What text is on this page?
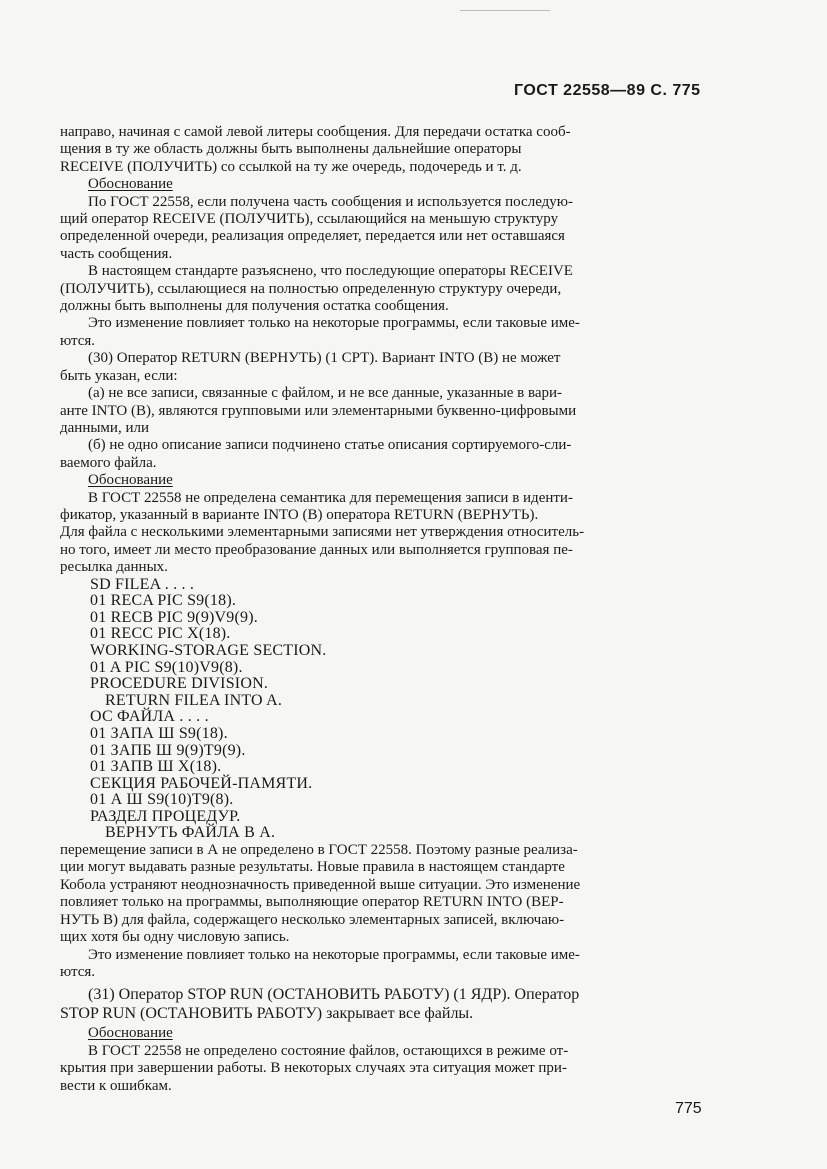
ГОСТ 22558—89 С. 775
направо, начиная с самой левой литеры сообщения. Для передачи остатка сооб-
щения в ту же область должны быть выполнены дальнейшие операторы
RECEIVE (ПОЛУЧИТЬ) со ссылкой на ту же очередь, подочередь и т. д.
Обоснование
По ГОСТ 22558, если получена часть сообщения и используется последую-
щий оператор RECEIVE (ПОЛУЧИТЬ), ссылающийся на меньшую структуру
определенной очереди, реализация определяет, передается или нет оставшаяся
часть сообщения.
В настоящем стандарте разъяснено, что последующие операторы RECEIVE
(ПОЛУЧИТЬ), ссылающиеся на полностью определенную структуру очереди,
должны быть выполнены для получения остатка сообщения.
Это изменение повлияет только на некоторые программы, если таковые име-
ются.
(30) Оператор RETURN (ВЕРНУТЬ) (1 СРТ). Вариант INTO (В) не может
быть указан, если:
(а) не все записи, связанные с файлом, и не все данные, указанные в вари-
анте INTO (В), являются групповыми или элементарными буквенно-цифровыми
данными, или
(б) не одно описание записи подчинено статье описания сортируемого-сли-
ваемого файла.
Обоснование
В ГОСТ 22558 не определена семантика для перемещения записи в иденти-
фикатор, указанный в варианте INTO (В) оператора RETURN (ВЕРНУТЬ).
Для файла с несколькими элементарными записями нет утверждения относитель-
но того, имеет ли место преобразование данных или выполняется групповая пе-
ресылка данных.
SD FILEA . . . .
01 RECA PIC S9(18).
01 RECB PIC 9(9)V9(9).
01 RECC PIC X(18).
WORKING-STORAGE SECTION.
01 A PIC S9(10)V9(8).
PROCEDURE DIVISION.
RETURN FILEA INTO A.
ОС ФАЙЛА . . . .
01 ЗАПА Ш S9(18).
01 ЗАПБ Ш 9(9)Т9(9).
01 ЗАПВ Ш Х(18).
СЕКЦИЯ РАБОЧЕЙ-ПАМЯТИ.
01 А Ш S9(10)Т9(8).
РАЗДЕЛ ПРОЦЕДУР.
ВЕРНУТЬ ФАЙЛА В А.
перемещение записи в А не определено в ГОСТ 22558. Поэтому разные реализа-
ции могут выдавать разные результаты. Новые правила в настоящем стандарте
Кобола устраняют неоднозначность приведенной выше ситуации. Это изменение
повлияет только на программы, выполняющие оператор RETURN INTO (ВЕР-
НУТЬ В) для файла, содержащего несколько элементарных записей, включаю-
щих хотя бы одну числовую запись.
Это изменение повлияет только на некоторые программы, если таковые име-
ются.
(31) Оператор STOP RUN (ОСТАНОВИТЬ РАБОТУ) (1 ЯДР). Оператор
STOP RUN (ОСТАНОВИТЬ РАБОТУ) закрывает все файлы.
Обоснование
В ГОСТ 22558 не определено состояние файлов, остающихся в режиме от-
крытия при завершении работы. В некоторых случаях эта ситуация может при-
вести к ошибкам.
775
